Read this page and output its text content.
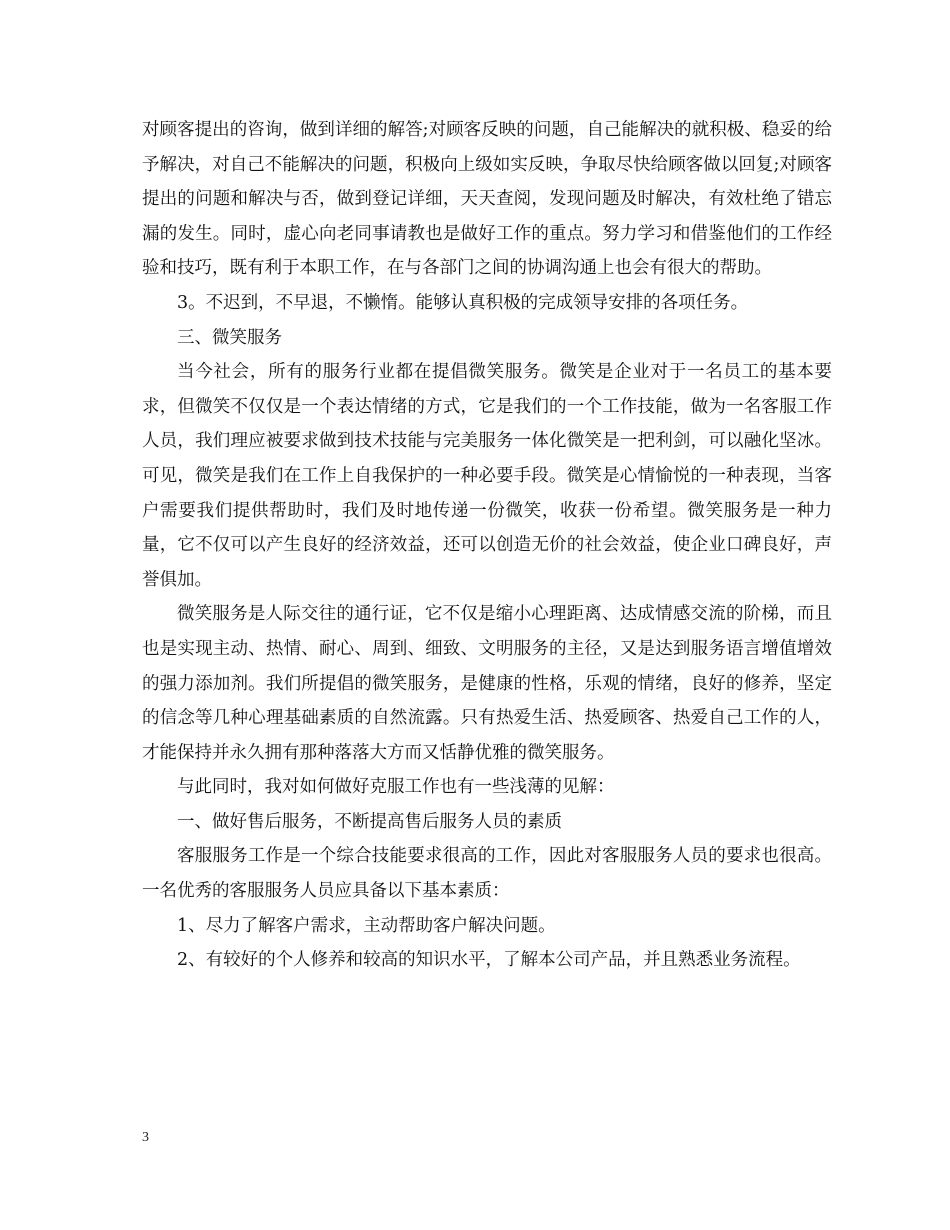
对顾客提出的咨询，做到详细的解答;对顾客反映的问题，自己能解决的就积极、稳妥的给予解决，对自己不能解决的问题，积极向上级如实反映，争取尽快给顾客做以回复;对顾客提出的问题和解决与否，做到登记详细，天天查阅，发现问题及时解决，有效杜绝了错忘漏的发生。同时，虚心向老同事请教也是做好工作的重点。努力学习和借鉴他们的工作经验和技巧，既有利于本职工作，在与各部门之间的协调沟通上也会有很大的帮助。

3。不迟到，不早退，不懒惰。能够认真积极的完成领导安排的各项任务。

三、微笑服务

当今社会，所有的服务行业都在提倡微笑服务。微笑是企业对于一名员工的基本要求，但微笑不仅仅是一个表达情绪的方式，它是我们的一个工作技能，做为一名客服工作人员，我们理应被要求做到技术技能与完美服务一体化微笑是一把利剑，可以融化坚冰。可见，微笑是我们在工作上自我保护的一种必要手段。微笑是心情愉悦的一种表现，当客户需要我们提供帮助时，我们及时地传递一份微笑，收获一份希望。微笑服务是一种力量，它不仅可以产生良好的经济效益，还可以创造无价的社会效益，使企业口碑良好，声誉俱加。

微笑服务是人际交往的通行证，它不仅是缩小心理距离、达成情感交流的阶梯，而且也是实现主动、热情、耐心、周到、细致、文明服务的主径，又是达到服务语言增值增效的强力添加剂。我们所提倡的微笑服务，是健康的性格，乐观的情绪，良好的修养，坚定的信念等几种心理基础素质的自然流露。只有热爱生活、热爱顾客、热爱自己工作的人，才能保持并永久拥有那种落落大方而又恬静优雅的微笑服务。

与此同时，我对如何做好克服工作也有一些浅薄的见解：

一、做好售后服务，不断提高售后服务人员的素质

客服服务工作是一个综合技能要求很高的工作，因此对客服服务人员的要求也很高。一名优秀的客服服务人员应具备以下基本素质：

1、尽力了解客户需求，主动帮助客户解决问题。

2、有较好的个人修养和较高的知识水平，了解本公司产品，并且熟悉业务流程。

3
